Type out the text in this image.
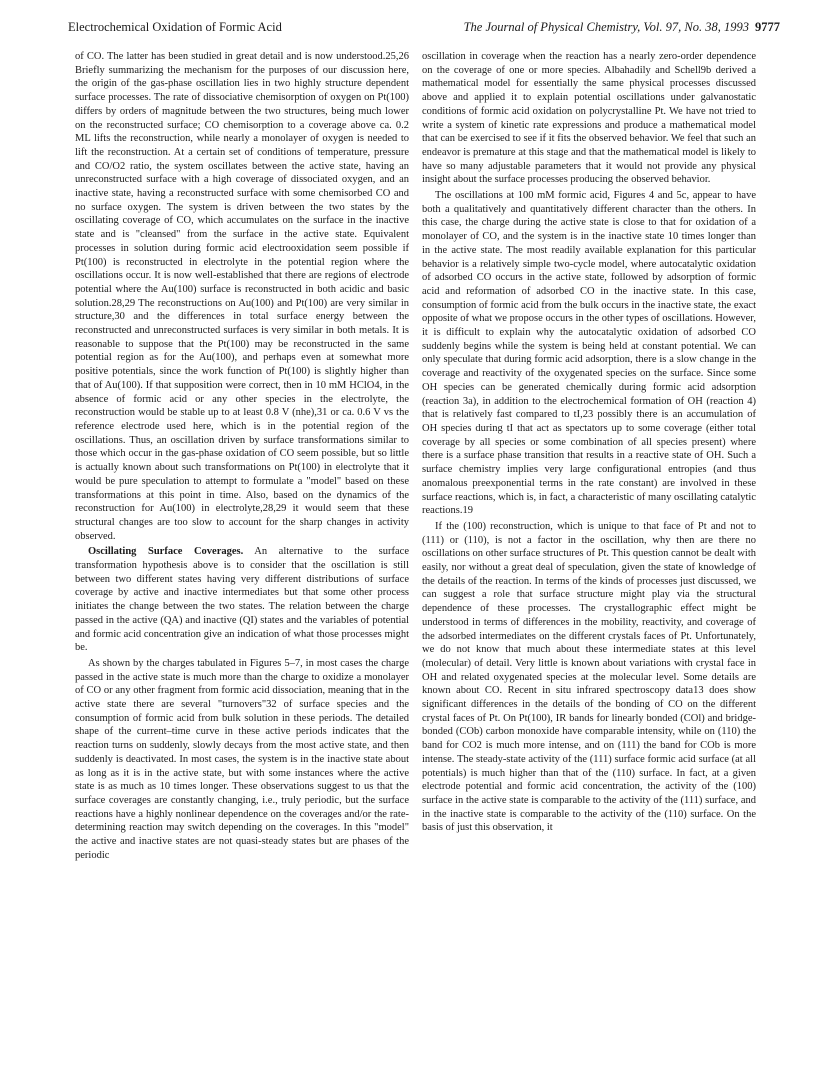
Electrochemical Oxidation of Formic Acid	The Journal of Physical Chemistry, Vol. 97, No. 38, 1993 9777

of CO. The latter has been studied in great detail and is now understood.25,26 Briefly summarizing the mechanism for the purposes of our discussion here, the origin of the gas-phase oscillation lies in two highly structure dependent surface processes. The rate of dissociative chemisorption of oxygen on Pt(100) differs by orders of magnitude between the two structures, being much lower on the reconstructed surface; CO chemisorption to a coverage above ca. 0.2 ML lifts the reconstruction, while nearly a monolayer of oxygen is needed to lift the reconstruction. At a certain set of conditions of temperature, pressure and CO/O2 ratio, the system oscillates between the active state, having an unreconstructed surface with a high coverage of dissociated oxygen, and an inactive state, having a reconstructed surface with some chemisorbed CO and no surface oxygen. The system is driven between the two states by the oscillating coverage of CO, which accumulates on the surface in the inactive state and is "cleansed" from the surface in the active state. Equivalent processes in solution during formic acid electrooxidation seem possible if Pt(100) is reconstructed in electrolyte in the potential region where the oscillations occur. It is now well-established that there are regions of electrode potential where the Au(100) surface is reconstructed in both acidic and basic solution.28,29 The reconstructions on Au(100) and Pt(100) are very similar in structure,30 and the differences in total surface energy between the reconstructed and unreconstructed surfaces is very similar in both metals. It is reasonable to suppose that the Pt(100) may be reconstructed in the same potential region as for the Au(100), and perhaps even at somewhat more positive potentials, since the work function of Pt(100) is slightly higher than that of Au(100). If that supposition were correct, then in 10 mM HClO4, in the absence of formic acid or any other species in the electrolyte, the reconstruction would be stable up to at least 0.8 V (nhe),31 or ca. 0.6 V vs the reference electrode used here, which is in the potential region of the oscillations. Thus, an oscillation driven by surface transformations similar to those which occur in the gas-phase oxidation of CO seem possible, but so little is actually known about such transformations on Pt(100) in electrolyte that it would be pure speculation to attempt to formulate a "model" based on these transformations at this point in time. Also, based on the dynamics of the reconstruction for Au(100) in electrolyte,28,29 it would seem that these structural changes are too slow to account for the sharp changes in activity observed.

Oscillating Surface Coverages. An alternative to the surface transformation hypothesis above is to consider that the oscillation is still between two different states having very different distributions of surface coverage by active and inactive intermediates but that some other process initiates the change between the two states. The relation between the charge passed in the active (QA) and inactive (QI) states and the variables of potential and formic acid concentration give an indication of what those processes might be.

As shown by the charges tabulated in Figures 5–7, in most cases the charge passed in the active state is much more than the charge to oxidize a monolayer of CO or any other fragment from formic acid dissociation, meaning that in the active state there are several "turnovers"32 of surface species and the consumption of formic acid from bulk solution in these periods. The detailed shape of the current–time curve in these active periods indicates that the reaction turns on suddenly, slowly decays from the most active state, and then suddenly is deactivated. In most cases, the system is in the inactive state about as long as it is in the active state, but with some instances where the active state is as much as 10 times longer. These observations suggest to us that the surface coverages are constantly changing, i.e., truly periodic, but the surface reactions have a highly nonlinear dependence on the coverages and/or the rate-determining reaction may switch depending on the coverages. In this "model" the active and inactive states are not quasi-steady states but are phases of the periodic

oscillation in coverage when the reaction has a nearly zero-order dependence on the coverage of one or more species. Albahadily and Schell9b derived a mathematical model for essentially the same physical processes discussed above and applied it to explain potential oscillations under galvanostatic conditions of formic acid oxidation on polycrystalline Pt. We have not tried to write a system of kinetic rate expressions and produce a mathematical model that can be exercised to see if it fits the observed behavior. We feel that such an endeavor is premature at this stage and that the mathematical model is likely to have so many adjustable parameters that it would not provide any physical insight about the surface processes producing the observed behavior.

The oscillations at 100 mM formic acid, Figures 4 and 5c, appear to have both a qualitatively and quantitatively different character than the others. In this case, the charge during the active state is close to that for oxidation of a monolayer of CO, and the system is in the inactive state 10 times longer than in the active state. The most readily available explanation for this particular behavior is a relatively simple two-cycle model, where autocatalytic oxidation of adsorbed CO occurs in the active state, followed by adsorption of formic acid and reformation of adsorbed CO in the inactive state. In this case, consumption of formic acid from the bulk occurs in the inactive state, the exact opposite of what we propose occurs in the other types of oscillations. However, it is difficult to explain why the autocatalytic oxidation of adsorbed CO suddenly begins while the system is being held at constant potential. We can only speculate that during formic acid adsorption, there is a slow change in the coverage and reactivity of the oxygenated species on the surface. Since some OH species can be generated chemically during formic acid adsorption (reaction 3a), in addition to the electrochemical formation of OH (reaction 4) that is relatively fast compared to tI,23 possibly there is an accumulation of OH species during tI that act as spectators up to some coverage (either total coverage by all species or some combination of all species present) where there is a surface phase transition that results in a reactive state of OH. Such a surface chemistry implies very large configurational entropies (and thus anomalous preexponential terms in the rate constant) are involved in these surface reactions, which is, in fact, a characteristic of many oscillating catalytic reactions.19

If the (100) reconstruction, which is unique to that face of Pt and not to (111) or (110), is not a factor in the oscillation, why then are there no oscillations on other surface structures of Pt. This question cannot be dealt with easily, nor without a great deal of speculation, given the state of knowledge of the details of the reaction. In terms of the kinds of processes just discussed, we can suggest a role that surface structure might play via the structural dependence of these processes. The crystallographic effect might be understood in terms of differences in the mobility, reactivity, and coverage of the adsorbed intermediates on the different crystals faces of Pt. Unfortunately, we do not know that much about these intermediate states at this level (molecular) of detail. Very little is known about variations with crystal face in OH and related oxygenated species at the molecular level. Some details are known about CO. Recent in situ infrared spectroscopy data13 does show significant differences in the details of the bonding of CO on the different crystal faces of Pt. On Pt(100), IR bands for linearly bonded (COl) and bridge-bonded (COb) carbon monoxide have comparable intensity, while on (110) the band for CO2 is much more intense, and on (111) the band for COb is more intense. The steady-state activity of the (111) surface formic acid surface (at all potentials) is much higher than that of the (110) surface. In fact, at a given electrode potential and formic acid concentration, the activity of the (100) surface in the active state is comparable to the activity of the (111) surface, and in the inactive state is comparable to the activity of the (110) surface. On the basis of just this observation, it
